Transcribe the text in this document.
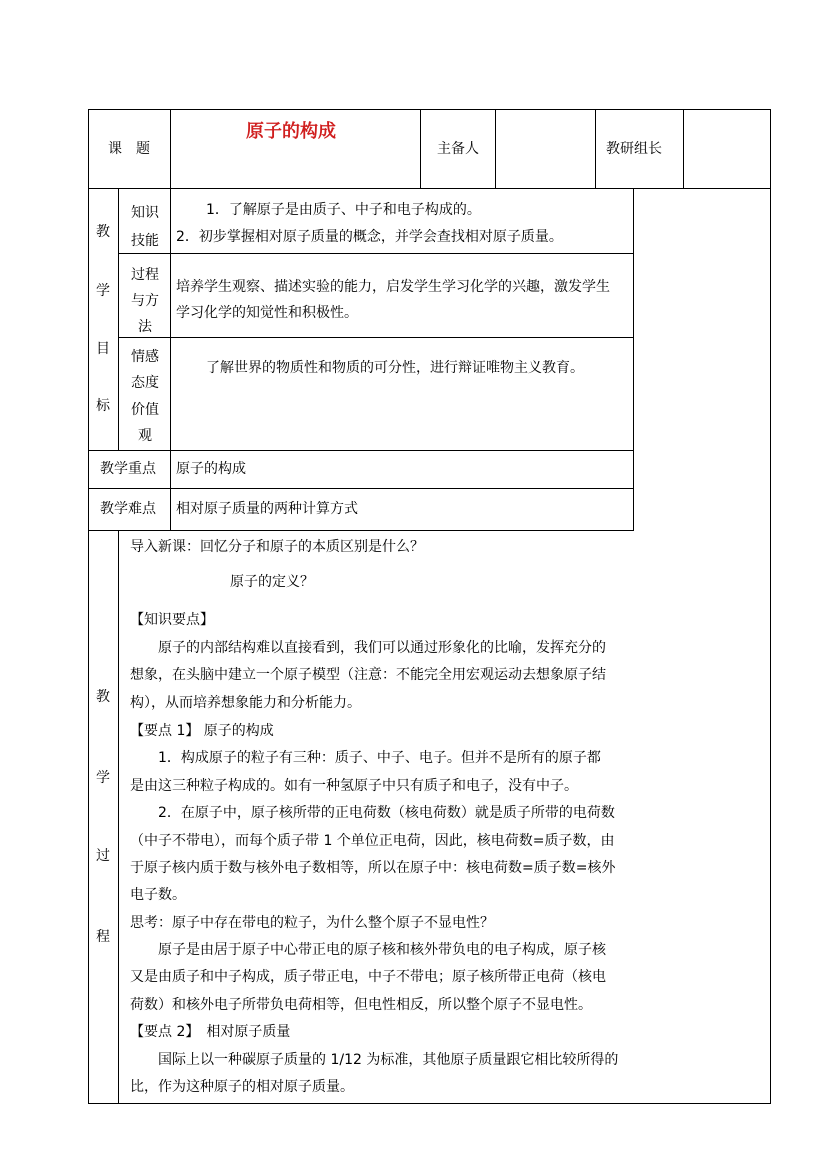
课　题
原子的构成
主备人	教研组长
教
学
目
标
知识
技能
1．了解原子是由质子、中子和电子构成的。
2．初步掌握相对原子质量的概念，并学会查找相对原子质量。
过程
与方
法
培养学生观察、描述实验的能力，启发学生学习化学的兴趣，激发学生
学习化学的知觉性和积极性。
情感
态度
价值
观
了解世界的物质性和物质的可分性，进行辩证唯物主义教育。
教学重点 原子的构成
教学难点 相对原子质量的两种计算方式
教
学
过
程
导入新课：回忆分子和原子的本质区别是什么？
原子的定义？
【知识要点】
原子的内部结构难以直接看到，我们可以通过形象化的比喻，发挥充分的
想象，在头脑中建立一个原子模型（注意：不能完全用宏观运动去想象原子结
构），从而培养想象能力和分析能力。
【要点 1】 原子的构成
1．构成原子的粒子有三种：质子、中子、电子。但并不是所有的原子都
是由这三种粒子构成的。如有一种氢原子中只有质子和电子，没有中子。
2．在原子中，原子核所带的正电荷数（核电荷数）就是质子所带的电荷数
（中子不带电），而每个质子带 1 个单位正电荷，因此，核电荷数=质子数，由
于原子核内质于数与核外电子数相等，所以在原子中：核电荷数=质子数=核外
电子数。
思考：原子中存在带电的粒子，为什么整个原子不显电性？
原子是由居于原子中心带正电的原子核和核外带负电的电子构成，原子核
又是由质子和中子构成，质子带正电，中子不带电；原子核所带正电荷（核电
荷数）和核外电子所带负电荷相等，但电性相反，所以整个原子不显电性。
【要点 2】　相对原子质量
国际上以一种碳原子质量的 1/12 为标准，其他原子质量跟它相比较所得的
比，作为这种原子的相对原子质量。
